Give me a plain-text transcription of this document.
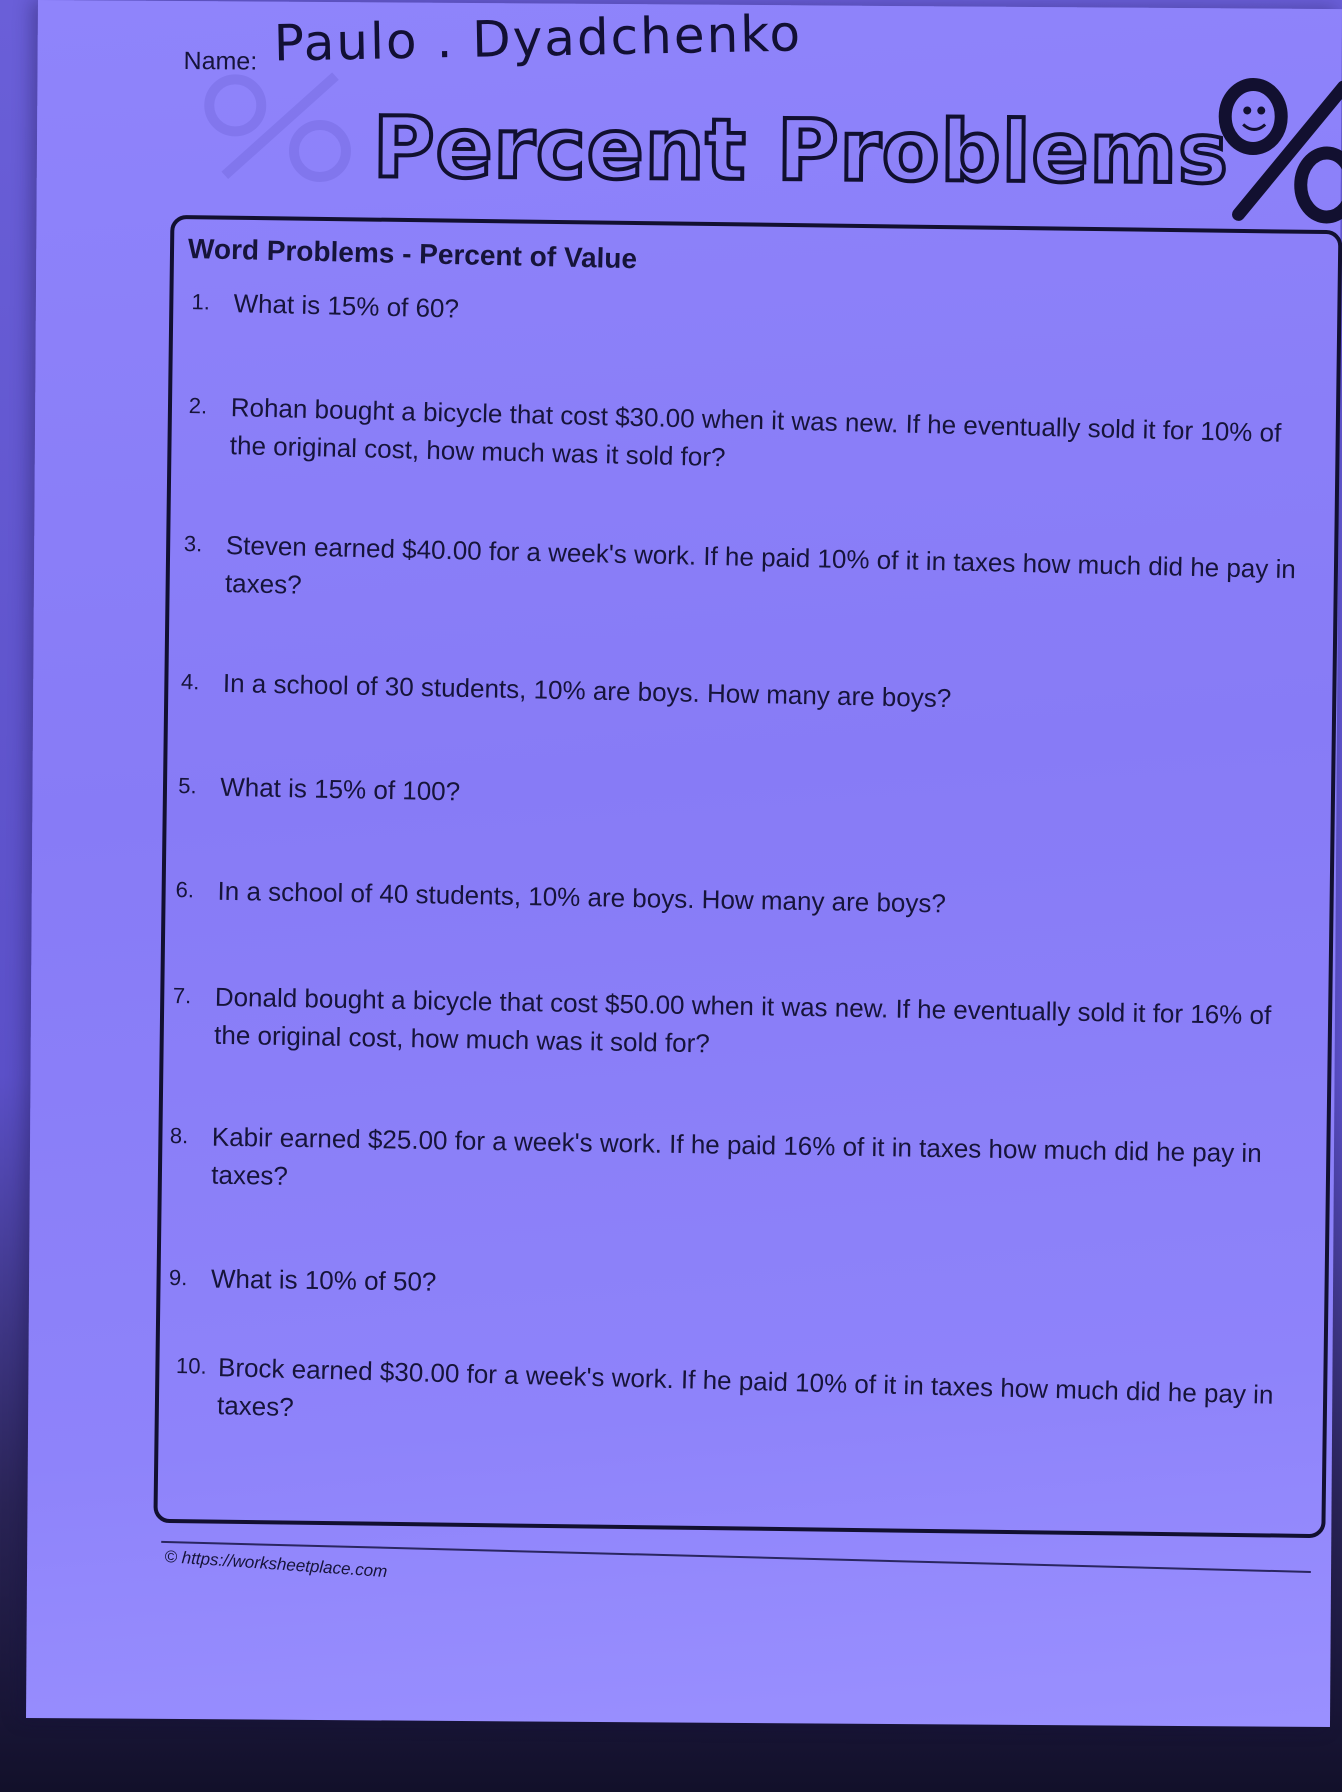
Name: Paulo . Dyadchenko
Percent Problems
Word Problems - Percent of Value
1. What is 15% of 60?
2. Rohan bought a bicycle that cost $30.00 when it was new. If he eventually sold it for 10% of the original cost, how much was it sold for?
3. Steven earned $40.00 for a week's work. If he paid 10% of it in taxes how much did he pay in taxes?
4. In a school of 30 students, 10% are boys. How many are boys?
5. What is 15% of 100?
6. In a school of 40 students, 10% are boys. How many are boys?
7. Donald bought a bicycle that cost $50.00 when it was new. If he eventually sold it for 16% of the original cost, how much was it sold for?
8. Kabir earned $25.00 for a week's work. If he paid 16% of it in taxes how much did he pay in taxes?
9. What is 10% of 50?
10. Brock earned $30.00 for a week's work. If he paid 10% of it in taxes how much did he pay in taxes?
© https://worksheetplace.com
